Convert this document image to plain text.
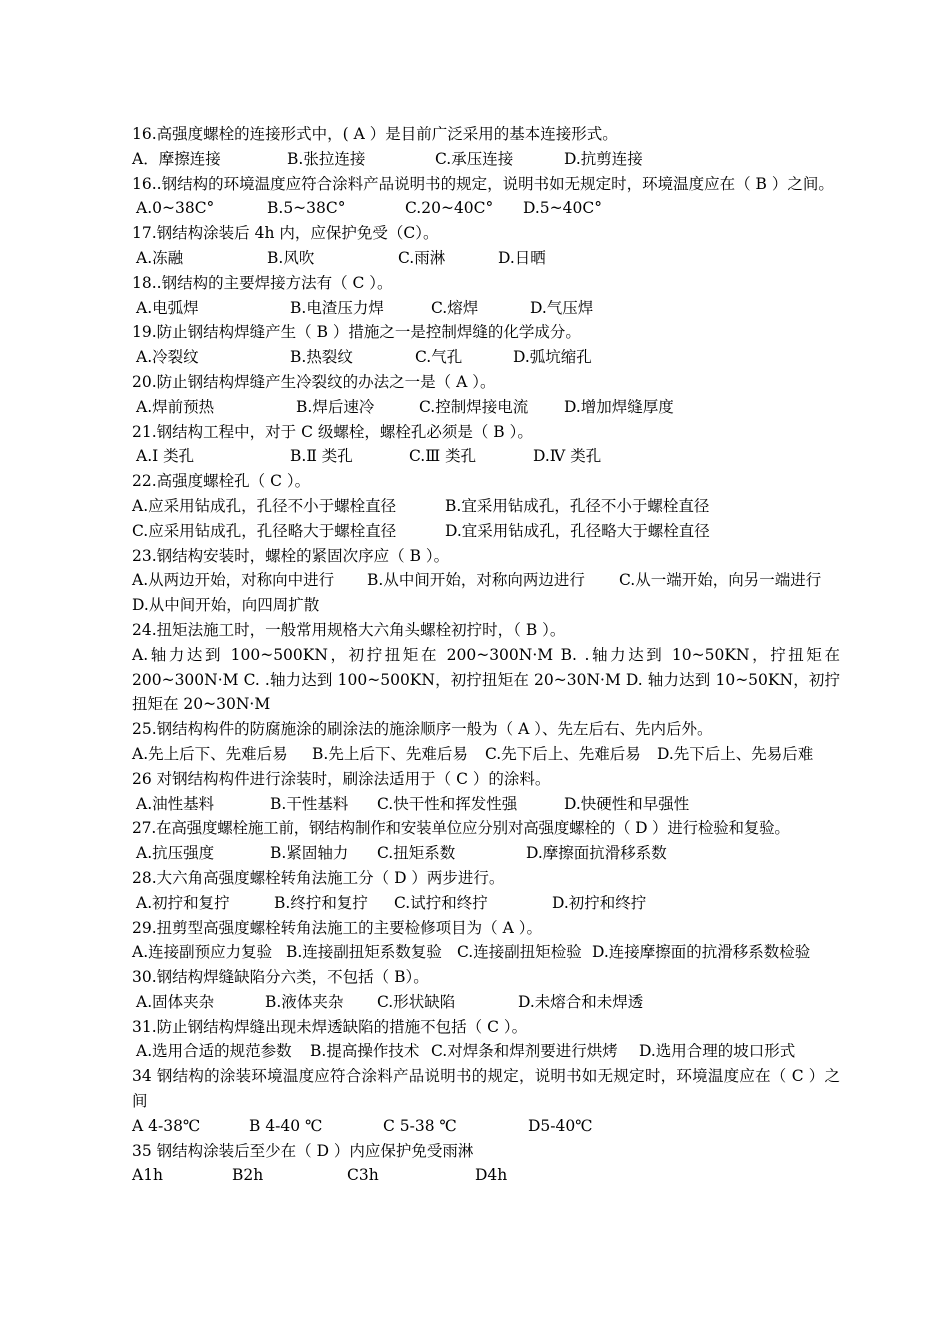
16.高强度螺栓的连接形式中，( A ）是目前广泛采用的基本连接形式。
A．摩擦连接	B.张拉连接	C.承压连接	D.抗剪连接
16..钢结构的环境温度应符合涂料产品说明书的规定，说明书如无规定时，环境温度应在（ B ）之间。
A.0~38C°	B.5~38C°	C.20~40C° D.5~40C°
17.钢结构涂装后 4h 内，应保护免受（C）。
A.冻融	B.风吹	C.雨淋	D.日晒
18..钢结构的主要焊接方法有（ C ）。
A.电弧焊	B.电渣压力焊	C.熔焊	D.气压焊
19.防止钢结构焊缝产生（ B ）措施之一是控制焊缝的化学成分。
A.冷裂纹	B.热裂纹	C.气孔	D.弧坑缩孔
20.防止钢结构焊缝产生冷裂纹的办法之一是（ A ）。
A.焊前预热	B.焊后速冷	C.控制焊接电流 D.增加焊缝厚度
21.钢结构工程中，对于 C 级螺栓，螺栓孔必须是（ B ）。
A.Ⅰ 类孔	B.Ⅱ 类孔	C.Ⅲ 类孔	D.Ⅳ 类孔
22.高强度螺栓孔（ C ）。
A.应采用钻成孔，孔径不小于螺栓直径	B.宜采用钻成孔，孔径不小于螺栓直径
C.应采用钻成孔，孔径略大于螺栓直径	D.宜采用钻成孔，孔径略大于螺栓直径
23.钢结构安装时，螺栓的紧固次序应（ B ）。
A.从两边开始，对称向中进行 B.从中间开始，对称向两边进行 C.从一端开始，向另一端进行
D.从中间开始，向四周扩散
24.扭矩法施工时，一般常用规格大六角头螺栓初拧时，（ B ）。
A.轴力达到 100~500KN，初拧扭矩在 200~300N·M B. .轴力达到 10~50KN，拧扭矩在 200~300N·M C. .轴力达到 100~500KN，初拧扭矩在 20~30N·M D. 轴力达到 10~50KN，初拧扭矩在 20~30N·M
25.钢结构构件的防腐施涂的刷涂法的施涂顺序一般为（ A ）、先左后右、先内后外。
A.先上后下、先难后易 B.先上后下、先难后易 C.先下后上、先难后易 D.先下后上、先易后难
26 对钢结构构件进行涂装时，刷涂法适用于（ C ）的涂料。
A.油性基料	B.干性基料 C.快干性和挥发性强	D.快硬性和早强性
27.在高强度螺栓施工前，钢结构制作和安装单位应分别对高强度螺栓的（ D ）进行检验和复验。
A.抗压强度	B.紧固轴力 C.扭矩系数	D.摩擦面抗滑移系数
28.大六角高强度螺栓转角法施工分（ D ）两步进行。
A.初拧和复拧	B.终拧和复拧 C.试拧和终拧	D.初拧和终拧
29.扭剪型高强度螺栓转角法施工的主要检修项目为（ A ）。
A.连接副预应力复验 B.连接副扭矩系数复验 C.连接副扭矩检验 D.连接摩擦面的抗滑移系数检验
30.钢结构焊缝缺陷分六类，不包括（ B）。
A.固体夹杂	B.液体夹杂 C.形状缺陷	D.未熔合和未焊透
31.防止钢结构焊缝出现未焊透缺陷的措施不包括（ C ）。
A.选用合适的规范参数 B.提高操作技术 C.对焊条和焊剂要进行烘烤 D.选用合理的坡口形式
34 钢结构的涂装环境温度应符合涂料产品说明书的规定，说明书如无规定时，环境温度应在（ C ）之间
A 4-38℃	B 4-40 ℃	C 5-38 ℃	D5-40℃
35 钢结构涂装后至少在（ D ）内应保护免受雨淋
A1h	B2h	C3h	D4h
